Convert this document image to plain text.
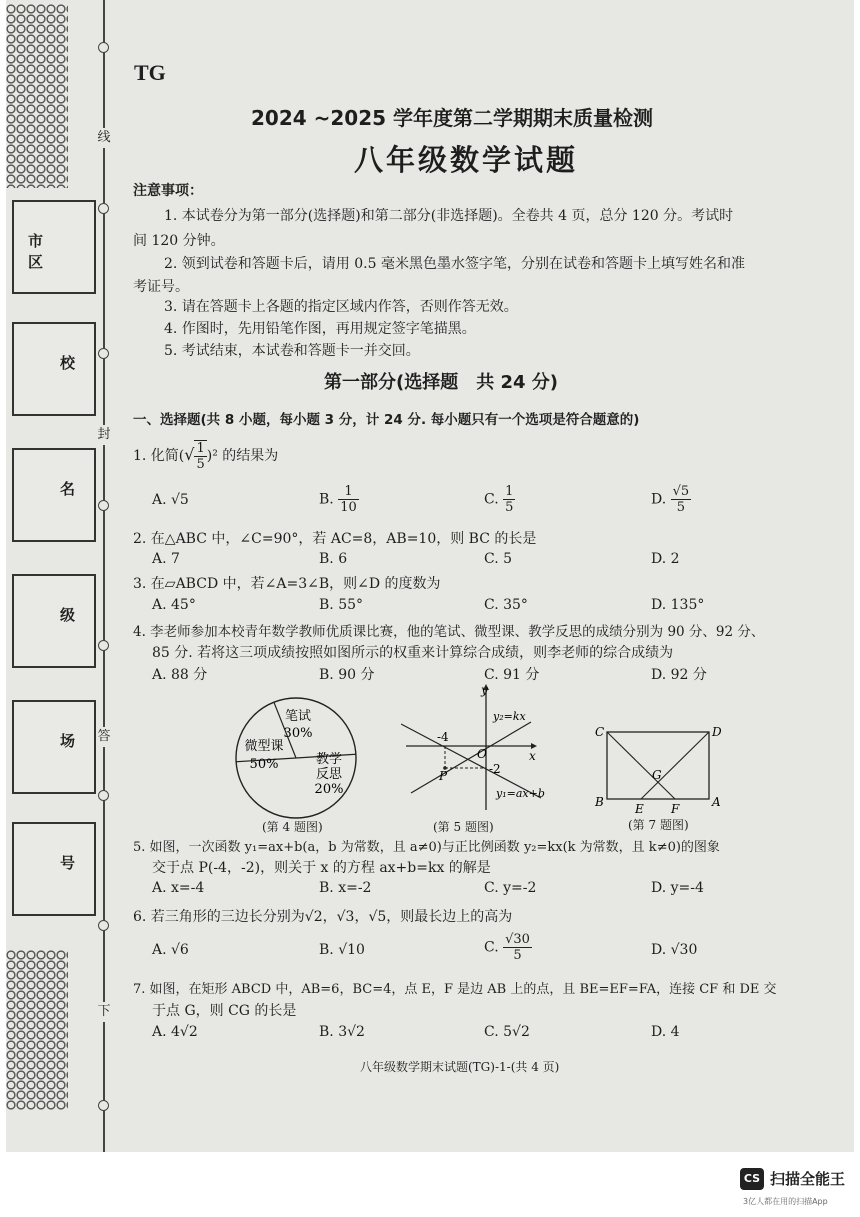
线
封
答
下
市 区
校
名
级
场
号
TG
2024 ~2025 学年度第二学期期末质量检测
八年级数学试题
注意事项：
1. 本试卷分为第一部分(选择题)和第二部分(非选择题)。全卷共 4 页，总分 120 分。考试时
间 120 分钟。
2. 领到试卷和答题卡后，请用 0.5 毫米黑色墨水签字笔，分别在试卷和答题卡上填写姓名和准
考证号。
3. 请在答题卡上各题的指定区域内作答，否则作答无效。
4. 作图时，先用铅笔作图，再用规定签字笔描黑。
5. 考试结束，本试卷和答题卡一并交回。
第一部分(选择题　共 24 分)
一、选择题(共 8 小题，每小题 3 分，计 24 分. 每小题只有一个选项是符合题意的)
1. 化简(√ $\frac{1}{5} )^2$ 的结果为
A. √5	B. $\frac{1}{10}$	C. $\frac{1}{5}$	D. $\frac{√5}{5}$
2. 在△ABC 中，∠C=90°，若 AC=8，AB=10，则 BC 的长是
A. 7	B. 6	C. 5	D. 2
3. 在▱ABCD 中，若∠A=3∠B，则∠D 的度数为
A. 45°	B. 55°	C. 35°	D. 135°
4. 李老师参加本校青年数学教师优质课比赛，他的笔试、微型课、教学反思的成绩分别为 90 分、92 分、
85 分. 若将这三项成绩按照如图所示的权重来计算综合成绩，则李老师的综合成绩为
A. 88 分	B. 90 分	C. 91 分	D. 92 分
笔试
30%
微型课
50%	教学
反思
20%
(第 4 题图)
y
x
O
-4
-2
P
y₂=kx
y₁=ax+b
(第 5 题图)
C	D
B	A
E F
G
(第 7 题图)
5. 如图，一次函数 y₁=ax+b(a，b 为常数，且 a≠0)与正比例函数 y₂=kx(k 为常数，且 k≠0)的图象
交于点 P(-4，-2)，则关于 x 的方程 ax+b=kx 的解是
A. x=-4	B. x=-2	C. y=-2	D. y=-4
6. 若三角形的三边长分别为√2，√3，√5，则最长边上的高为
A. √6	B. √10	C. $\frac{√30}{5}$	D. √30
7. 如图，在矩形 ABCD 中，AB=6，BC=4，点 E，F 是边 AB 上的点，且 BE=EF=FA，连接 CF 和 DE 交
于点 G，则 CG 的长是
A. 4√2	B. 3√2	C. 5√2	D. 4
八年级数学期末试题(TG)-1-(共 4 页)
CS 扫描全能王
3亿人都在用的扫描App
